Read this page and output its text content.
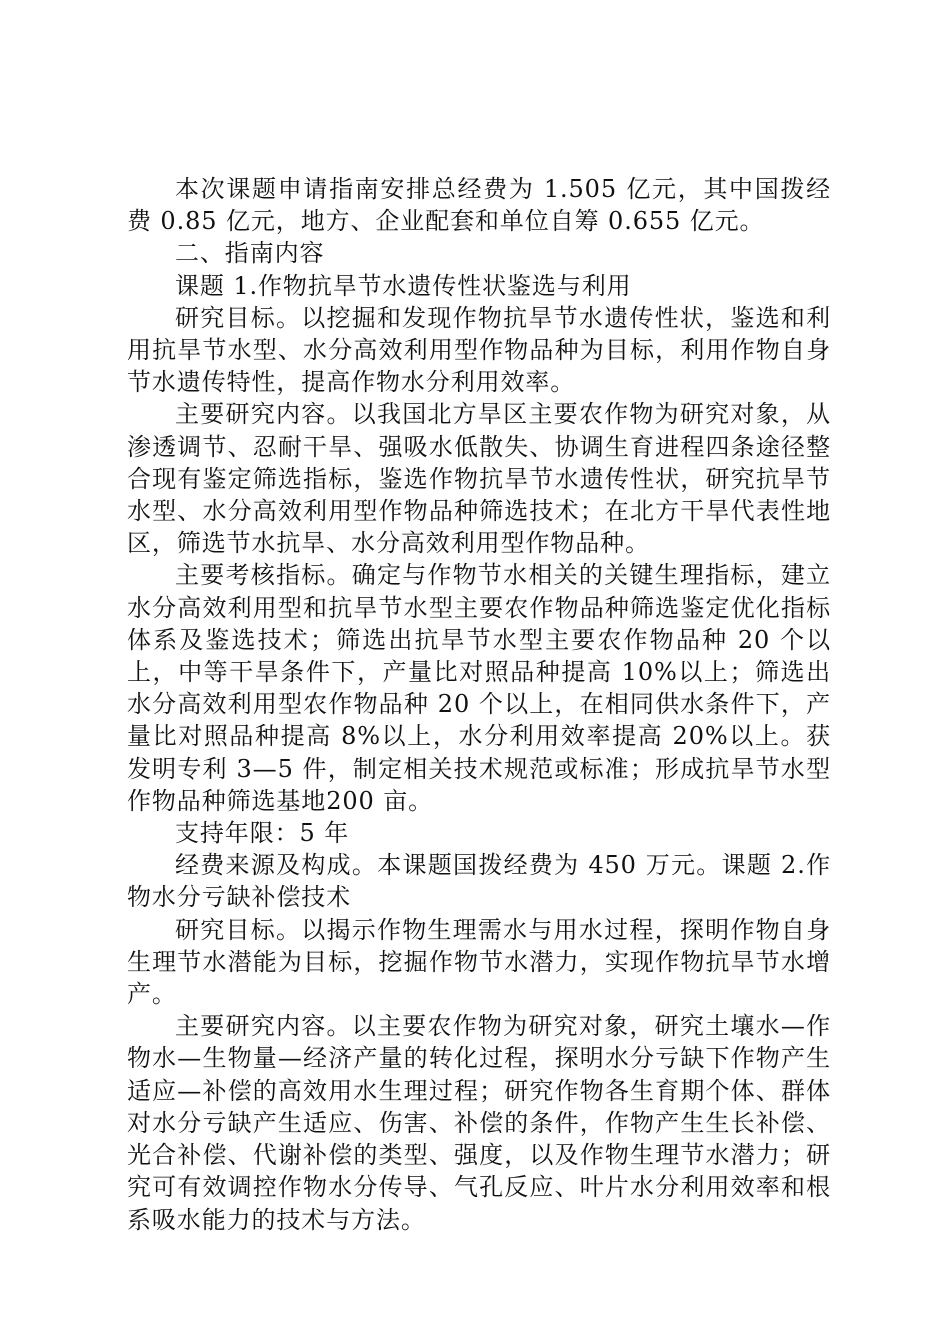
本次课题申请指南安排总经费为 1.505 亿元，其中国拨经费 0.85 亿元，地方、企业配套和单位自筹 0.655 亿元。

二、指南内容

课题 1.作物抗旱节水遗传性状鉴选与利用

研究目标。以挖掘和发现作物抗旱节水遗传性状，鉴选和利用抗旱节水型、水分高效利用型作物品种为目标，利用作物自身节水遗传特性，提高作物水分利用效率。

主要研究内容。以我国北方旱区主要农作物为研究对象，从渗透调节、忍耐干旱、强吸水低散失、协调生育进程四条途径整合现有鉴定筛选指标，鉴选作物抗旱节水遗传性状，研究抗旱节水型、水分高效利用型作物品种筛选技术；在北方干旱代表性地区，筛选节水抗旱、水分高效利用型作物品种。

主要考核指标。确定与作物节水相关的关键生理指标，建立水分高效利用型和抗旱节水型主要农作物品种筛选鉴定优化指标体系及鉴选技术；筛选出抗旱节水型主要农作物品种 20 个以上，中等干旱条件下，产量比对照品种提高 10%以上；筛选出水分高效利用型农作物品种 20 个以上，在相同供水条件下，产量比对照品种提高 8%以上，水分利用效率提高 20%以上。获发明专利 3—5 件，制定相关技术规范或标准；形成抗旱节水型作物品种筛选基地200 亩。

支持年限：5 年

经费来源及构成。本课题国拨经费为 450 万元。课题 2.作物水分亏缺补偿技术

研究目标。以揭示作物生理需水与用水过程，探明作物自身生理节水潜能为目标，挖掘作物节水潜力，实现作物抗旱节水增产。

主要研究内容。以主要农作物为研究对象，研究土壤水—作物水—生物量—经济产量的转化过程，探明水分亏缺下作物产生适应—补偿的高效用水生理过程；研究作物各生育期个体、群体对水分亏缺产生适应、伤害、补偿的条件，作物产生生长补偿、光合补偿、代谢补偿的类型、强度，以及作物生理节水潜力；研究可有效调控作物水分传导、气孔反应、叶片水分利用效率和根系吸水能力的技术与方法。
